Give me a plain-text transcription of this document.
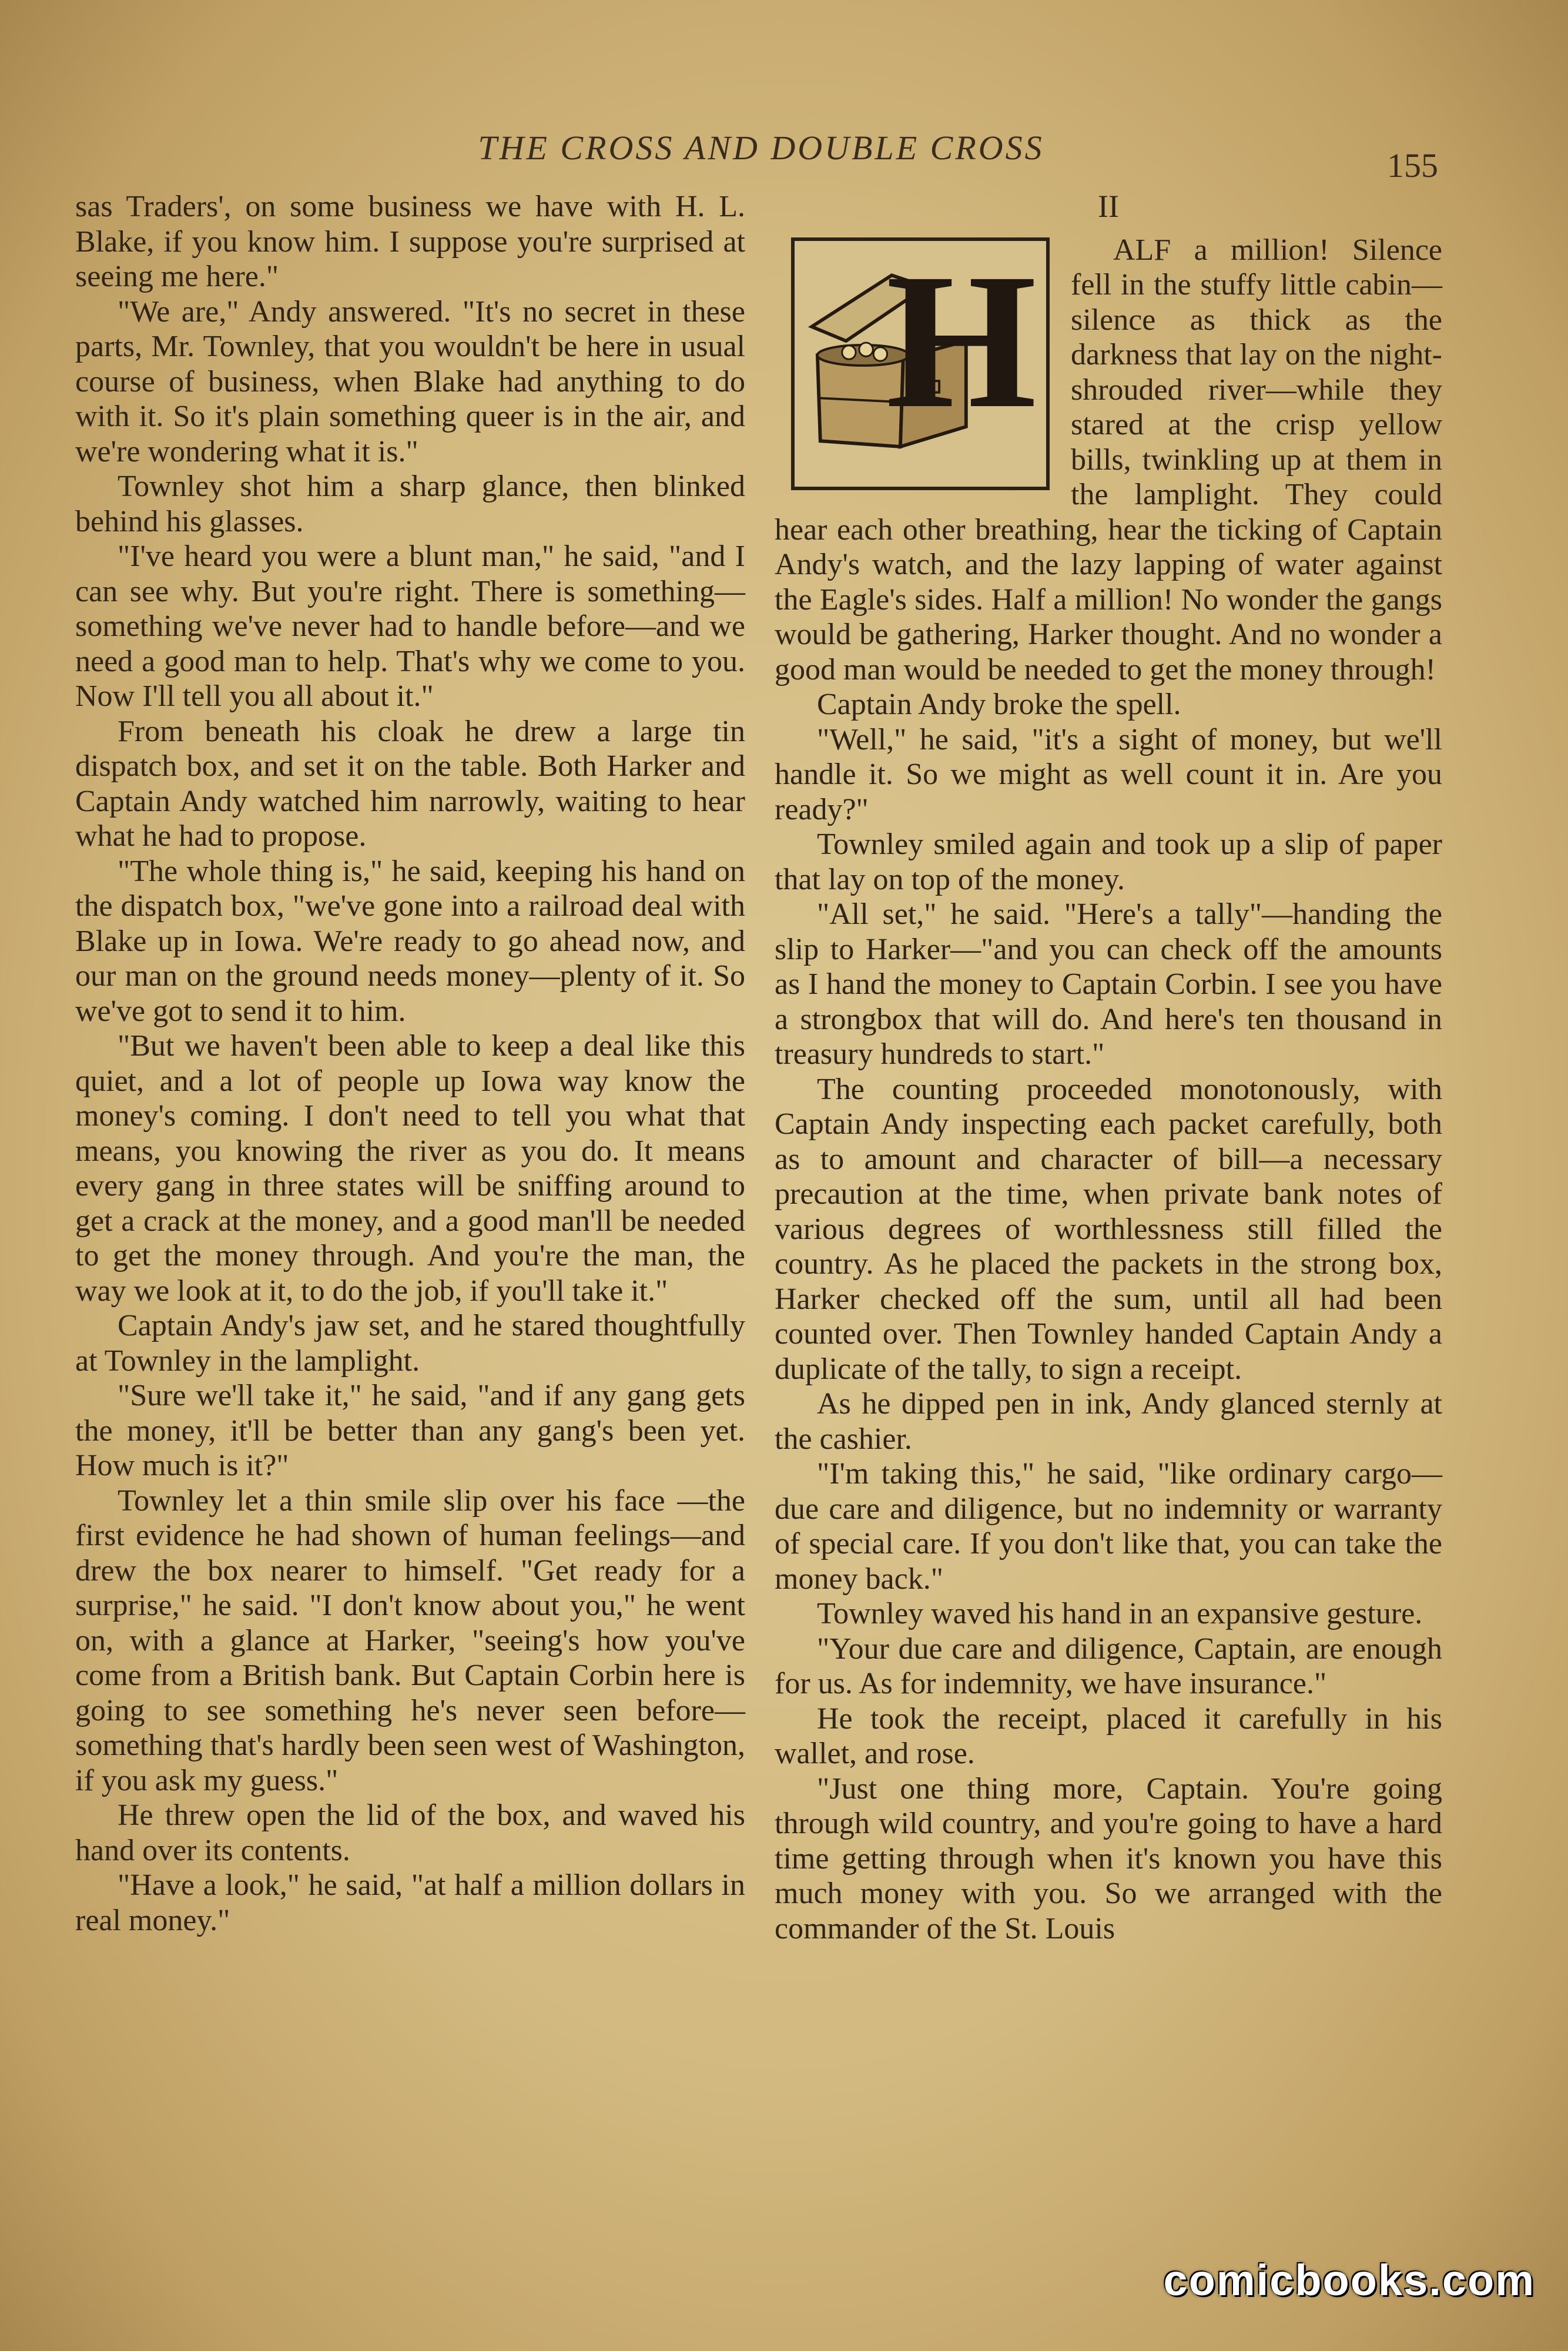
THE CROSS AND DOUBLE CROSS	155

sas Traders', on some business we have with H. L. Blake, if you know him. I suppose you're surprised at seeing me here."

"We are," Andy answered. "It's no secret in these parts, Mr. Townley, that you wouldn't be here in usual course of business, when Blake had anything to do with it. So it's plain something queer is in the air, and we're wondering what it is."

Townley shot him a sharp glance, then blinked behind his glasses.

"I've heard you were a blunt man," he said, "and I can see why. But you're right. There is something—something we've never had to handle before—and we need a good man to help. That's why we come to you. Now I'll tell you all about it."

From beneath his cloak he drew a large tin dispatch box, and set it on the table. Both Harker and Captain Andy watched him narrowly, waiting to hear what he had to propose.

"The whole thing is," he said, keeping his hand on the dispatch box, "we've gone into a railroad deal with Blake up in Iowa. We're ready to go ahead now, and our man on the ground needs money—plenty of it. So we've got to send it to him.

"But we haven't been able to keep a deal like this quiet, and a lot of people up Iowa way know the money's coming. I don't need to tell you what that means, you knowing the river as you do. It means every gang in three states will be sniffing around to get a crack at the money, and a good man'll be needed to get the money through. And you're the man, the way we look at it, to do the job, if you'll take it."

Captain Andy's jaw set, and he stared thoughtfully at Townley in the lamplight.

"Sure we'll take it," he said, "and if any gang gets the money, it'll be better than any gang's been yet. How much is it?"

Townley let a thin smile slip over his face —the first evidence he had shown of human feelings—and drew the box nearer to himself. "Get ready for a surprise," he said. "I don't know about you," he went on, with a glance at Harker, "seeing's how you've come from a British bank. But Captain Corbin here is going to see something he's never seen before—something that's hardly been seen west of Washington, if you ask my guess."

He threw open the lid of the box, and waved his hand over its contents.

"Have a look," he said, "at half a million dollars in real money."

II
H	ALF a million! Silence fell in the stuffy little cabin—silence as thick as the darkness that lay on the night-shrouded river—while they stared at the crisp yellow bills, twinkling up at them in the lamplight. They could hear each other breathing, hear the ticking of Captain Andy's watch, and the lazy lapping of water against the Eagle's sides. Half a million! No wonder the gangs would be gathering, Harker thought. And no wonder a good man would be needed to get the money through!

Captain Andy broke the spell.

"Well," he said, "it's a sight of money, but we'll handle it. So we might as well count it in. Are you ready?"

Townley smiled again and took up a slip of paper that lay on top of the money.

"All set," he said. "Here's a tally"—handing the slip to Harker—"and you can check off the amounts as I hand the money to Captain Corbin. I see you have a strongbox that will do. And here's ten thousand in treasury hundreds to start."

The counting proceeded monotonously, with Captain Andy inspecting each packet carefully, both as to amount and character of bill—a necessary precaution at the time, when private bank notes of various degrees of worthlessness still filled the country. As he placed the packets in the strong box, Harker checked off the sum, until all had been counted over. Then Townley handed Captain Andy a duplicate of the tally, to sign a receipt.

As he dipped pen in ink, Andy glanced sternly at the cashier.

"I'm taking this," he said, "like ordinary cargo—due care and diligence, but no indemnity or warranty of special care. If you don't like that, you can take the money back."

Townley waved his hand in an expansive gesture.

"Your due care and diligence, Captain, are enough for us. As for indemnity, we have insurance."

He took the receipt, placed it carefully in his wallet, and rose.

"Just one thing more, Captain. You're going through wild country, and you're going to have a hard time getting through when it's known you have this much money with you. So we arranged with the commander of the St. Louis

comicbooks.com
